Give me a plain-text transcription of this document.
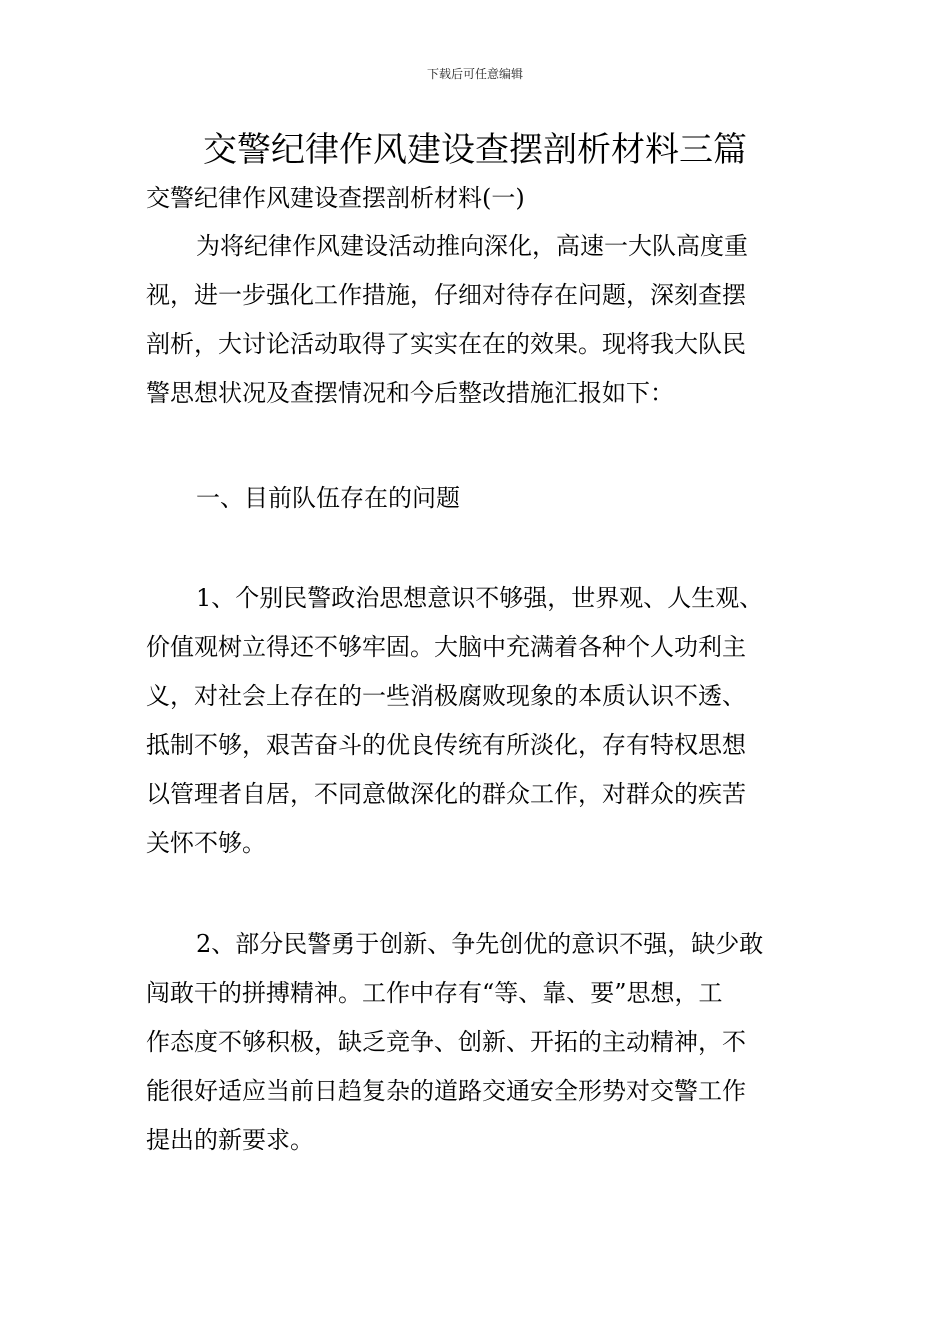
下载后可任意编辑
交警纪律作风建设查摆剖析材料三篇
交警纪律作风建设查摆剖析材料(一)
为将纪律作风建设活动推向深化，高速一大队高度重
视，进一步强化工作措施，仔细对待存在问题，深刻查摆
剖析，大讨论活动取得了实实在在的效果。现将我大队民
警思想状况及查摆情况和今后整改措施汇报如下：
一、目前队伍存在的问题
1、个别民警政治思想意识不够强，世界观、人生观、
价值观树立得还不够牢固。大脑中充满着各种个人功利主
义，对社会上存在的一些消极腐败现象的本质认识不透、
抵制不够，艰苦奋斗的优良传统有所淡化，存有特权思想
以管理者自居，不同意做深化的群众工作，对群众的疾苦
关怀不够。
2、部分民警勇于创新、争先创优的意识不强，缺少敢
闯敢干的拼搏精神。工作中存有“等、靠、要”思想，工
作态度不够积极，缺乏竞争、创新、开拓的主动精神，不
能很好适应当前日趋复杂的道路交通安全形势对交警工作
提出的新要求。
